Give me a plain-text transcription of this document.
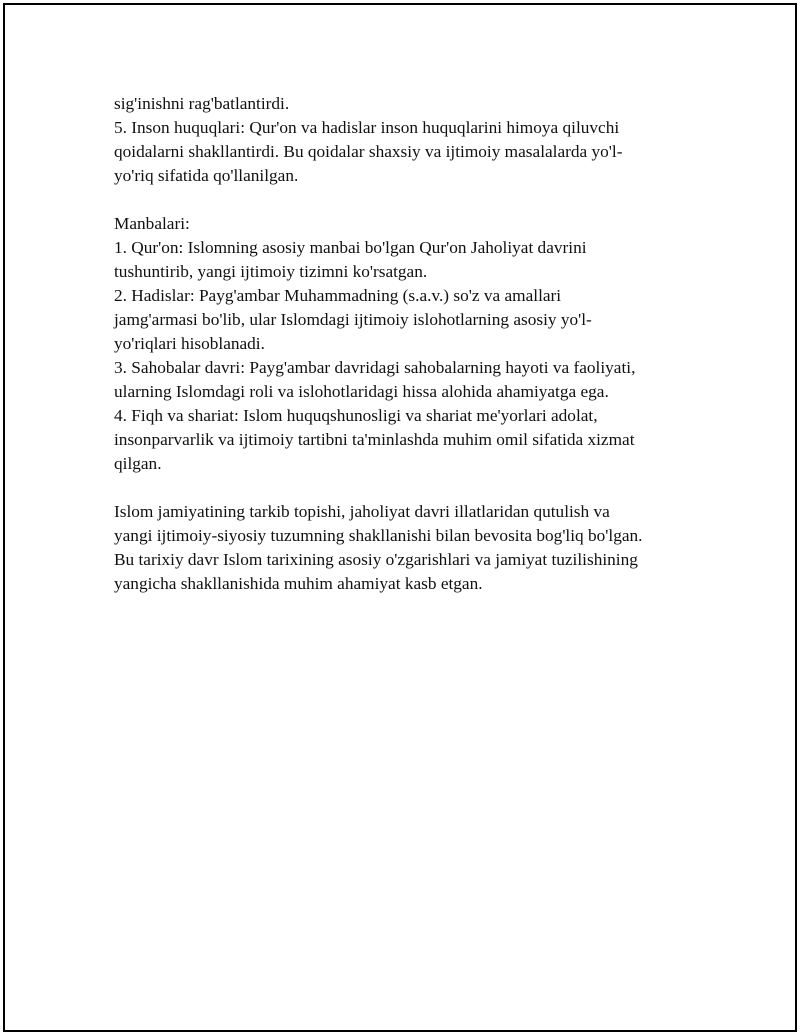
sig'inishni rag'batlantirdi.
5. Inson huquqlari: Qur'on va hadislar inson huquqlarini himoya qiluvchi
qoidalarni shakllantirdi. Bu qoidalar shaxsiy va ijtimoiy masalalarda yo'l-
yo'riq sifatida qo'llanilgan.
Manbalari:
1. Qur'on: Islomning asosiy manbai bo'lgan Qur'on Jaholiyat davrini
tushuntirib, yangi ijtimoiy tizimni ko'rsatgan.
2. Hadislar: Payg'ambar Muhammadning (s.a.v.) so'z va amallari
jamg'armasi bo'lib, ular Islomdagi ijtimoiy islohotlarning asosiy yo'l-
yo'riqlari hisoblanadi.
3. Sahobalar davri: Payg'ambar davridagi sahobalarning hayoti va faoliyati,
ularning Islomdagi roli va islohotlaridagi hissa alohida ahamiyatga ega.
4. Fiqh va shariat: Islom huquqshunosligi va shariat me'yorlari adolat,
insonparvarlik va ijtimoiy tartibni ta'minlashda muhim omil sifatida xizmat
qilgan.
Islom jamiyatining tarkib topishi, jaholiyat davri illatlaridan qutulish va
yangi ijtimoiy-siyosiy tuzumning shakllanishi bilan bevosita bog'liq bo'lgan.
Bu tarixiy davr Islom tarixining asosiy o'zgarishlari va jamiyat tuzilishining
yangicha shakllanishida muhim ahamiyat kasb etgan.
